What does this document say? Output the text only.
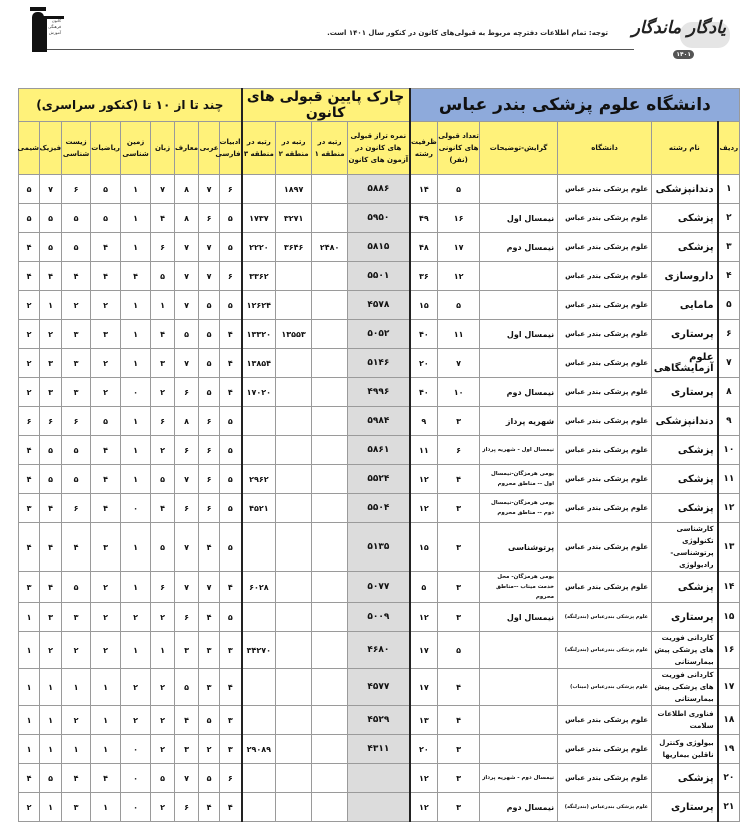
یادگار ماندگار
۱۴۰۱
توجه: تمام اطلاعات دفترچه مربوط به قبولی‌های کانون در کنکور سال ۱۴۰۱ است.
کانون
فرهنگی
آموزش
دانشگاه علوم پزشکی بندر عباس						چارک پایین قبولی های کانون				چند تا از ۱۰ تا (کنکور سراسری)								
ردیف	نام رشته	دانشگاه	گرایش-توضیحات	تعداد قبولی های کانونی (نفر)	ظرفیت رشته	نمره تراز قبولی های کانون در آزمون های کانون	رتبه در منطقه ۱	رتبه در منطقه ۲	رتبه در منطقه ۳	ادبیات فارسی	عربی	معارف	زبان	زمین شناسی	ریاضیات	زیست شناسی	فیزیک	شیمی
۱	دندانپزشکی	علوم پزشکی بندر عباس		۵	۱۴	۵۸۸۶		۱۸۹۷		۶	۷	۸	۷	۱	۵	۶	۷	۵
۲	پزشکی	علوم پزشکی بندر عباس	نیمسال اول	۱۶	۴۹	۵۹۵۰		۳۲۷۱	۱۷۳۷	۵	۶	۸	۴	۱	۵	۵	۵	۵
۳	پزشکی	علوم پزشکی بندر عباس	نیمسال دوم	۱۷	۴۸	۵۸۱۵	۲۴۸۰	۳۶۴۶	۲۲۲۰	۵	۷	۷	۶	۱	۴	۵	۵	۴
۴	داروسازی	علوم پزشکی بندر عباس		۱۲	۳۶	۵۵۰۱			۳۳۶۲	۶	۷	۷	۵	۴	۴	۴	۴	۴
۵	مامایی	علوم پزشکی بندر عباس		۵	۱۵	۴۵۷۸			۱۲۶۲۴	۵	۵	۷	۱	۱	۲	۲	۱	۲
۶	پرستاری	علوم پزشکی بندر عباس	نیمسال اول	۱۱	۴۰	۵۰۵۲		۱۳۵۵۳	۱۳۳۲۰	۴	۵	۵	۴	۱	۳	۳	۲	۲
۷	علوم آزمایشگاهی	علوم پزشکی بندر عباس		۷	۲۰	۵۱۴۶			۱۳۸۵۴	۴	۵	۷	۳	۱	۲	۳	۳	۲
۸	پرستاری	علوم پزشکی بندر عباس	نیمسال دوم	۱۰	۴۰	۴۹۹۶			۱۷۰۲۰	۴	۵	۶	۲	۰	۲	۳	۳	۲
۹	دندانپزشکی	علوم پزشکی بندر عباس	شهریه پرداز	۳	۹	۵۹۸۴				۵	۶	۸	۶	۱	۵	۶	۶	۶
۱۰	پزشکی	علوم پزشکی بندر عباس	نیمسال اول - شهریه پرداز	۶	۱۱	۵۸۶۱				۵	۶	۶	۲	۱	۴	۵	۵	۴
۱۱	پزشکی	علوم پزشکی بندر عباس	بومی هرمزگان-نیمسال اول -- مناطق محروم	۴	۱۲	۵۵۲۴			۲۹۶۲	۵	۶	۷	۵	۱	۴	۵	۵	۴
۱۲	پزشکی	علوم پزشکی بندر عباس	بومی هرمزگان-نیمسال دوم -- مناطق محروم	۳	۱۲	۵۵۰۴			۴۵۲۱	۵	۶	۶	۴	۰	۴	۶	۴	۳
۱۳	کارشناسی تکنولوژی پرتوشناسی- رادیولوژی	علوم پزشکی بندر عباس	پرتوشناسی	۳	۱۵	۵۱۳۵				۵	۴	۷	۵	۱	۳	۴	۴	۴
۱۴	پزشکی	علوم پزشکی بندر عباس	بومی هرمزگان- محل خدمت میناب --مناطق محروم	۳	۵	۵۰۷۷			۶۰۲۸	۴	۷	۷	۶	۱	۲	۵	۴	۳
۱۵	پرستاری	علوم پزشکی بندرعباس (بندرلنگه)	نیمسال اول	۳	۱۲	۵۰۰۹				۵	۴	۶	۲	۲	۲	۳	۳	۱
۱۶	کاردانی فوریت های پزشکی پیش بیمارستانی	علوم پزشکی بندرعباس (بندرلنگه)		۵	۱۷	۴۶۸۰			۳۴۲۷۰	۳	۳	۳	۱	۱	۲	۲	۲	۱
۱۷	کاردانی فوریت های پزشکی پیش بیمارستانی	علوم پزشکی بندرعباس (میناب)		۴	۱۷	۴۵۷۷				۴	۳	۵	۲	۲	۱	۱	۱	۱
۱۸	فناوری اطلاعات سلامت	علوم پزشکی بندر عباس		۴	۱۳	۴۵۲۹				۳	۵	۴	۲	۲	۱	۲	۱	۱
۱۹	بیولوژی وکنترل ناقلین بیماریها	علوم پزشکی بندر عباس		۳	۲۰	۴۳۱۱			۲۹۰۸۹	۳	۲	۳	۲	۰	۱	۱	۱	۱
۲۰	پزشکی	علوم پزشکی بندر عباس	نیمسال دوم - شهریه پرداز	۳	۱۲					۶	۵	۷	۵	۰	۴	۴	۵	۴
۲۱	پرستاری	علوم پزشکی بندرعباس (بندرلنگه)	نیمسال دوم	۳	۱۲					۴	۴	۶	۲	۰	۱	۳	۱	۲
